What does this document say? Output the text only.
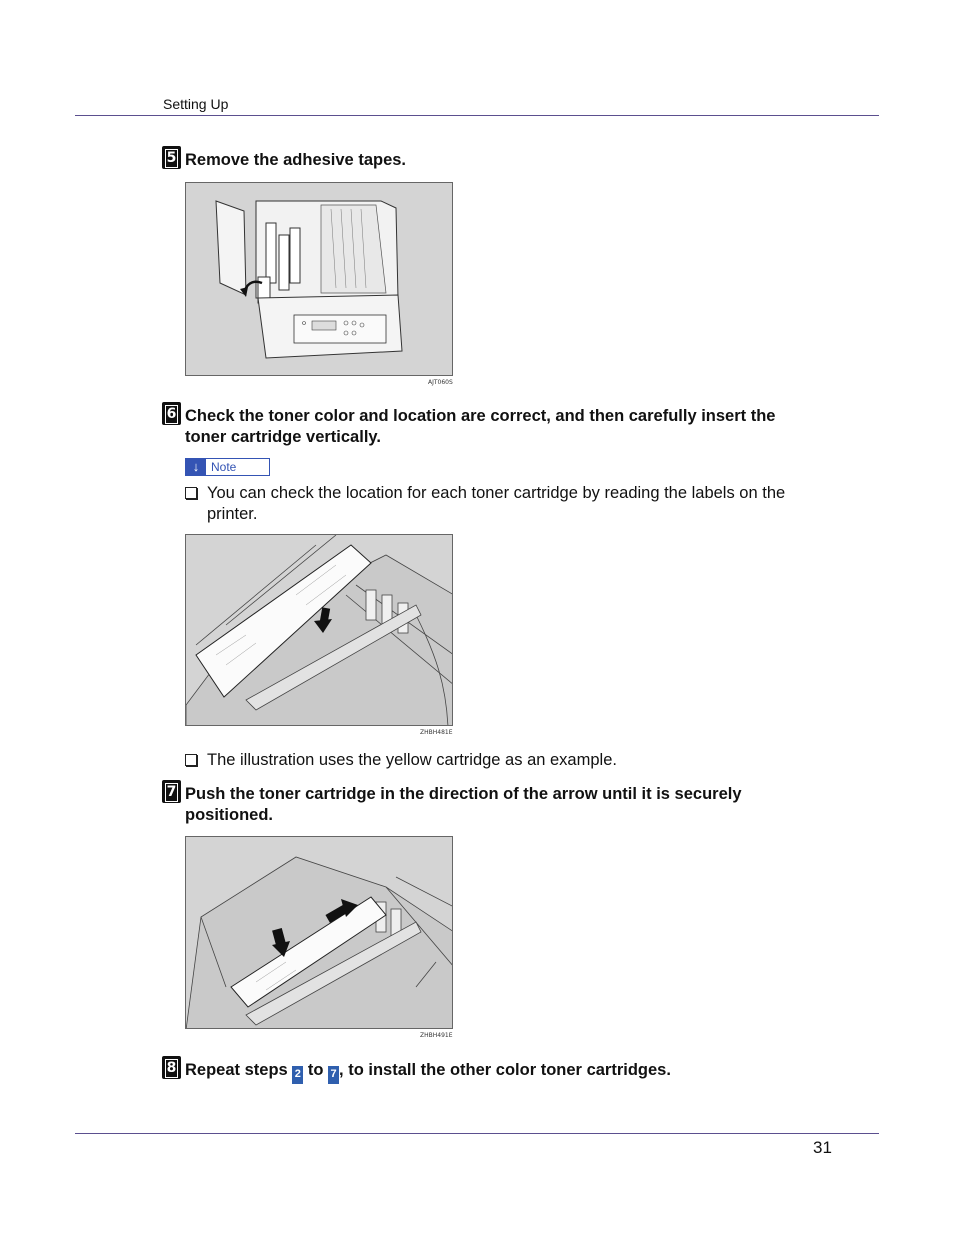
Setting Up
5 Remove the adhesive tapes.
AJT060S
6 Check the toner color and location are correct, and then carefully insert the toner cartridge vertically.
↓ Note
You can check the location for each toner cartridge by reading the labels on the printer.
ZHBH481E
The illustration uses the yellow cartridge as an example.
7 Push the toner cartridge in the direction of the arrow until it is securely positioned.
ZHBH491E
8 Repeat steps 2 to 7 , to install the other color toner cartridges.
31
